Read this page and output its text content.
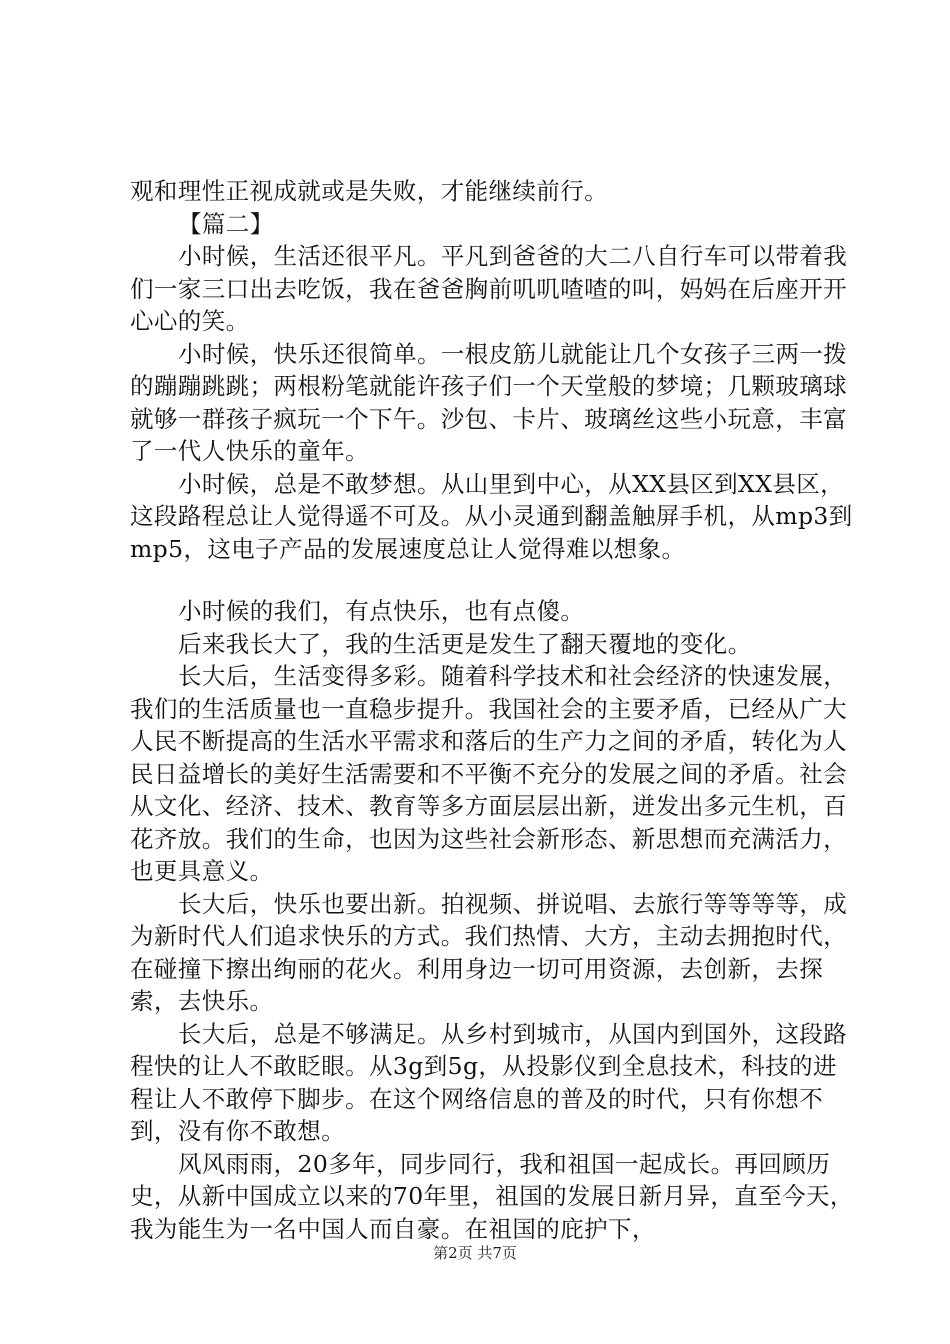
观和理性正视成就或是失败，才能继续前行。

【篇二】

小时候，生活还很平凡。平凡到爸爸的大二八自行车可以带着我们一家三口出去吃饭，我在爸爸胸前叽叽喳喳的叫，妈妈在后座开开心心的笑。

小时候，快乐还很简单。一根皮筋儿就能让几个女孩子三两一拨的蹦蹦跳跳；两根粉笔就能许孩子们一个天堂般的梦境；几颗玻璃球就够一群孩子疯玩一个下午。沙包、卡片、玻璃丝这些小玩意，丰富了一代人快乐的童年。

小时候，总是不敢梦想。从山里到中心，从XX县区到XX县区，这段路程总让人觉得遥不可及。从小灵通到翻盖触屏手机，从mp3到mp5，这电子产品的发展速度总让人觉得难以想象。

小时候的我们，有点快乐，也有点傻。

后来我长大了，我的生活更是发生了翻天覆地的变化。

长大后，生活变得多彩。随着科学技术和社会经济的快速发展，我们的生活质量也一直稳步提升。我国社会的主要矛盾，已经从广大人民不断提高的生活水平需求和落后的生产力之间的矛盾，转化为人民日益增长的美好生活需要和不平衡不充分的发展之间的矛盾。社会从文化、经济、技术、教育等多方面层层出新，迸发出多元生机，百花齐放。我们的生命，也因为这些社会新形态、新思想而充满活力，也更具意义。

长大后，快乐也要出新。拍视频、拼说唱、去旅行等等等等，成为新时代人们追求快乐的方式。我们热情、大方，主动去拥抱时代，在碰撞下擦出绚丽的花火。利用身边一切可用资源，去创新，去探索，去快乐。

长大后，总是不够满足。从乡村到城市，从国内到国外，这段路程快的让人不敢眨眼。从3g到5g，从投影仪到全息技术，科技的进程让人不敢停下脚步。在这个网络信息的普及的时代，只有你想不到，没有你不敢想。

风风雨雨，20多年，同步同行，我和祖国一起成长。再回顾历史，从新中国成立以来的70年里，祖国的发展日新月异，直至今天，我为能生为一名中国人而自豪。在祖国的庇护下，

第2页 共7页
